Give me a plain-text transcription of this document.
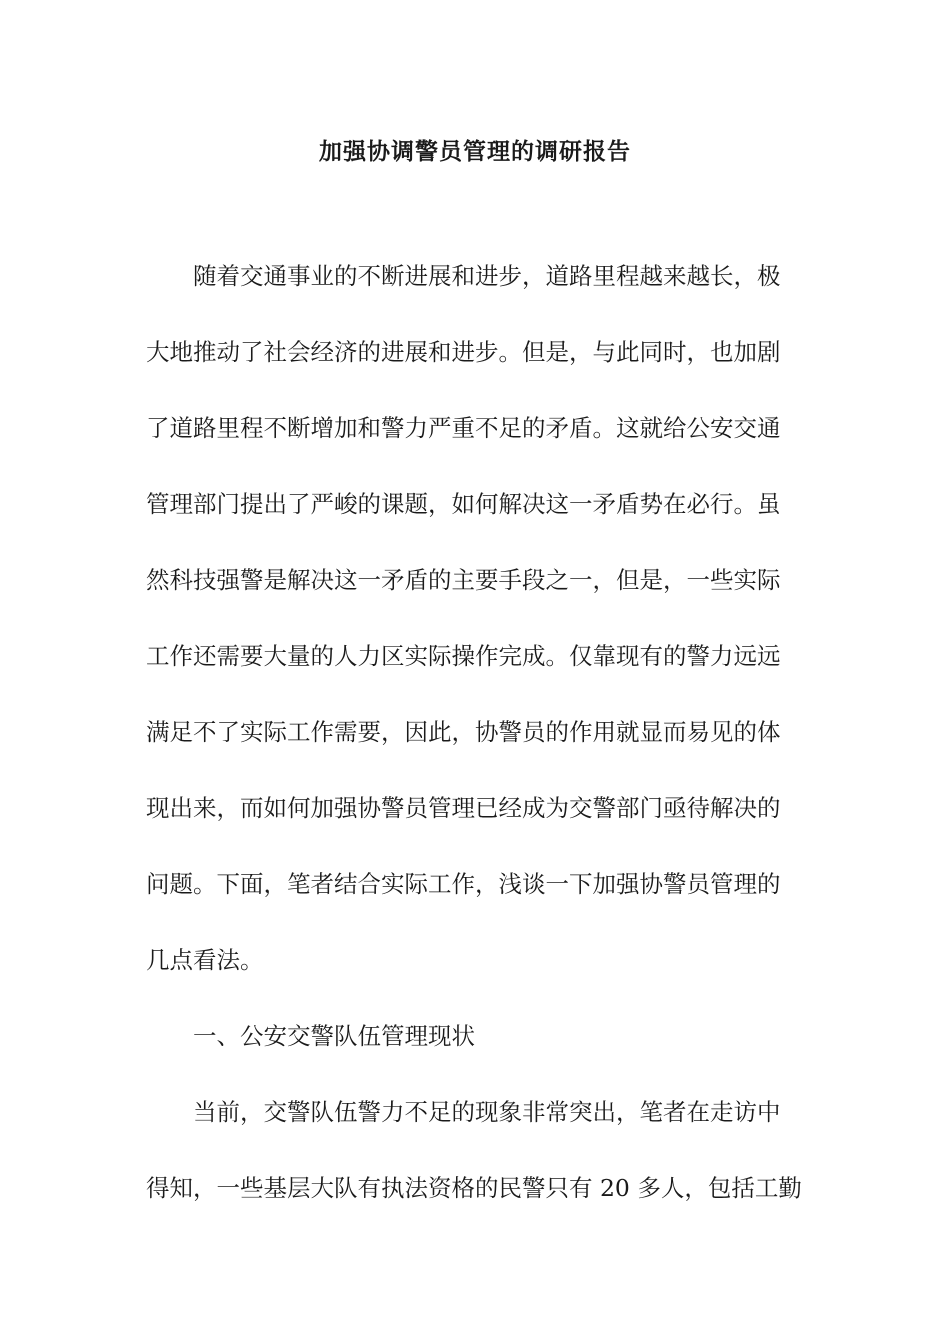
加强协调警员管理的调研报告
随着交通事业的不断进展和进步，道路里程越来越长，极
大地推动了社会经济的进展和进步。但是，与此同时，也加剧
了道路里程不断增加和警力严重不足的矛盾。这就给公安交通
管理部门提出了严峻的课题，如何解决这一矛盾势在必行。虽
然科技强警是解决这一矛盾的主要手段之一，但是，一些实际
工作还需要大量的人力区实际操作完成。仅靠现有的警力远远
满足不了实际工作需要，因此，协警员的作用就显而易见的体
现出来，而如何加强协警员管理已经成为交警部门亟待解决的
问题。下面，笔者结合实际工作，浅谈一下加强协警员管理的
几点看法。
一、公安交警队伍管理现状
当前，交警队伍警力不足的现象非常突出，笔者在走访中
得知，一些基层大队有执法资格的民警只有 20 多人，包括工勤
